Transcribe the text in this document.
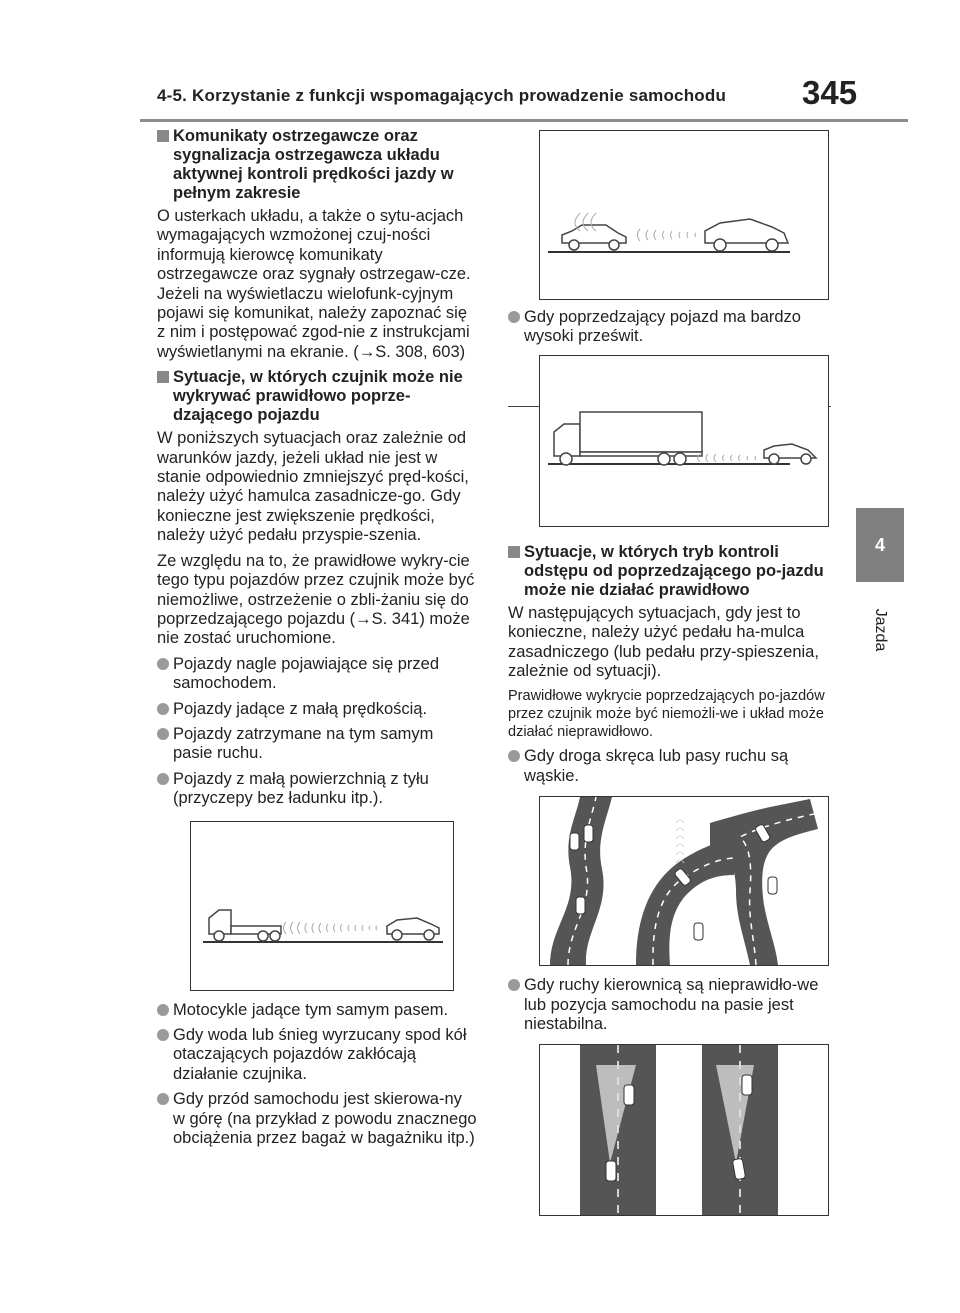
4-5. Korzystanie z funkcji wspomagających prowadzenie samochodu 345
4
Jazda
Komunikaty ostrzegawcze oraz sygnalizacja ostrzegawcza układu aktywnej kontroli prędkości jazdy w pełnym zakresie

O usterkach układu, a także o sytu-acjach wymagających wzmożonej czuj-ności informują kierowcę komunikaty ostrzegawcze oraz sygnały ostrzegaw-cze. Jeżeli na wyświetlaczu wielofunk-cyjnym pojawi się komunikat, należy zapoznać się z nim i postępować zgod-nie z instrukcjami wyświetlanymi na ekranie. (→S. 308, 603)

Sytuacje, w których czujnik może nie wykrywać prawidłowo poprze-dzającego pojazdu

W poniższych sytuacjach oraz zależnie od warunków jazdy, jeżeli układ nie jest w stanie odpowiednio zmniejszyć pręd-kości, należy użyć hamulca zasadnicze-go. Gdy konieczne jest zwiększenie prędkości, należy użyć pedału przyspie-szenia.

Ze względu na to, że prawidłowe wykry-cie tego typu pojazdów przez czujnik może być niemożliwe, ostrzeżenie o zbli-żaniu się do poprzedzającego pojazdu (→S. 341) może nie zostać uruchomione.

Pojazdy nagle pojawiające się przed samochodem.
Pojazdy jadące z małą prędkością.
Pojazdy zatrzymane na tym samym pasie ruchu.
Pojazdy z małą powierzchnią z tyłu (przyczepy bez ładunku itp.).
Motocykle jadące tym samym pasem.
Gdy woda lub śnieg wyrzucany spod kół otaczających pojazdów zakłócają działanie czujnika.
Gdy przód samochodu jest skierowa-ny w górę (na przykład z powodu znacznego obciążenia przez bagaż w bagażniku itp.)
Gdy poprzedzający pojazd ma bardzo wysoki prześwit.
Sytuacje, w których tryb kontroli odstępu od poprzedzającego po-jazdu może nie działać prawidłowo

W następujących sytuacjach, gdy jest to konieczne, należy użyć pedału ha-mulca zasadniczego (lub pedału przy-spieszenia, zależnie od sytuacji).

Prawidłowe wykrycie poprzedzających po-jazdów przez czujnik może być niemożli-we i układ może działać nieprawidłowo.

Gdy droga skręca lub pasy ruchu są wąskie.
Gdy ruchy kierownicą są nieprawidło-we lub pozycja samochodu na pasie jest niestabilna.
